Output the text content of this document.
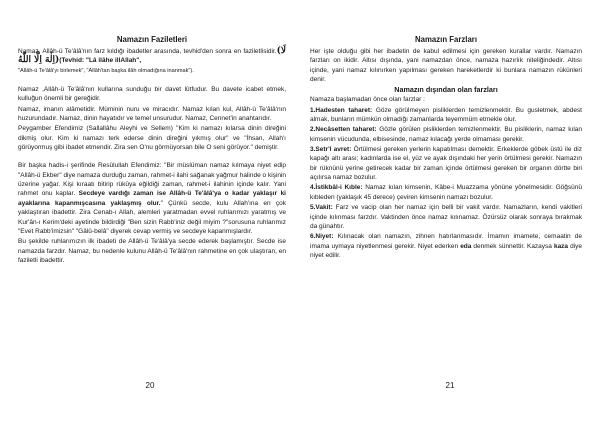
Namazın Faziletleri

Namaz, Allâh-ü Te'âlâ'nın farz kıldığı ibadetler arasında, tevhid'den sonra en faziletlisidir.(لَا اِلٰهَ اِلَّا اللّٰهُ)(Tevhid: "Lâ ilâhe illAllah",

"Allâh-ü Te'âlâ'yı birlemek", "Allâh'tan başka ilâh olmadığına inanmak").

Namaz ,Allâh-ü Te'âlâ'nın kullarına sunduğu bir davet lûtfudur. Bu davete icabet etmek, kulluğun önemli bir gereğidir.

Namaz, imanın alâmetidir. Müminin nuru ve miracıdır. Namaz kılan kul, Allâh-ü Te'âlâ'nın huzurundadır. Namaz, dinin hayatıdır ve temel unsurudur. Namaz, Cennet'in anahtarıdır.

Peygamber Efendimiz (Sallallâhu Aleyhi ve Sellem) "Kim ki namazı kılarsa dinin direğini dikmiş olur. Kim ki namazı terk ederse dinin direğini yıkmış olur" ve "İhsan, Allah'ı görüyormuş gibi ibadet etmendir. Zira sen O'nu görmüyorsan bile O seni görüyor." demiştir.

Bir başka hadis-i şerifinde Resûlullah Efendimiz: "Bir müslüman namaz kılmaya niyet edip "Allâh-ü Ekber" diye namaza durduğu zaman, rahmet-i ilahi sağanak yağmur halinde o kişinin üzerine yağar. Kişi kıraatı bitirip rükûya eğildiği zaman, rahmet-i ilahinin içinde kalır. Yani rahmet onu kaplar. Secdeye vardığı zaman ise Allâh-ü Te'âlâ'ya o kadar yaklaşır ki ayaklarına kapanmışcasına yaklaşmış olur." Çünkü secde, kulu Allah'ına en çok yaklaştıran ibadettir. Zira Cenab-ı Allah, alemleri yaratmadan evvel ruhlarımızı yaratmış ve Kur'ân-ı Kerim'deki ayetinde bildirdiği "Ben sizin Rabb'iniz değil miyim ?"sorusuna ruhlarımız "Evet Rabb'imizsin" "Gâlû-belâ" diyerek cevap vermiş ve secdeye kapanmışlardır.

Bu şekilde ruhlarımızın ilk ibadeti de Allâh-ü Te'âlâ'ya secde ederek başlamıştır. Secde ise namazda farzdır. Namaz, bu nedenle kulunu Allâh-ü Te'âlâ'nın rahmetine en çok ulaştıran, en faziletli ibadettir.

20
Namazın Farzları

Her işte olduğu gibi her ibadetin de kabul edilmesi için gereken kurallar vardır. Namazın farzları on ikidir. Altısı dışında, yani namazdan önce, namaza hazırlık niteliğindedir. Altısı içinde, yani namaz kılınırken yapılması gereken hareketlerdir ki bunlara namazın rükünleri denir.

Namazın dışından olan farzları

Namaza başlamadan önce olan farzlar :

1.Hadesten taharet: Göze görülmeyen pisliklerden temizlenmektir. Bu gusletmek, abdest almak, bunların mümkün olmadığı zamanlarda teyemmüm etmekle olur.

2.Necâsetten taharet: Gözle görülen pisliklerden temizlenmektir. Bu pisliklerin, namaz kılan kimsenin vücudunda, elbisesinde, namaz kılacağı yerde olmaması gerekir.

3.Setr'l avret: Örtülmesi gereken yerlerin kapatılması demektir. Erkeklerde göbek üstü ile diz kapağı altı arası; kadınlarda ise el, yüz ve ayak dışındaki her yerin örtülmesi gerekir. Namazın bir rüknünü yerine getirecek kadar bir zaman içinde örtülmesi gereken bir organın dörtte biri açılırsa namaz bozulur.

4.İstikbâl-i Kıble: Namaz kılan kimsenin, Kâbe-i Muazzama yönüne yönelmesidir. Göğsünü kıbleden (yaklaşık 45 derece) çeviren kimsenin namazı bozulur.

5.Vakit: Farz ve vacip olan her namaz için belli bir vakit vardır. Namazların, kendi vakitleri içinde kılınması farzdır. Vaktinden önce namaz kılınamaz. Özürsüz olarak sonraya bırakmak da günahtır.

6.Niyet: Kılınacak olan namazın, zihnen hatırlanmasıdır. İmamın imamete, cemaatin de imama uymaya niyetlenmesi gerekir. Niyet ederken eda denmek sünnettir. Kazaysa kaza diye niyet edilir.

21
